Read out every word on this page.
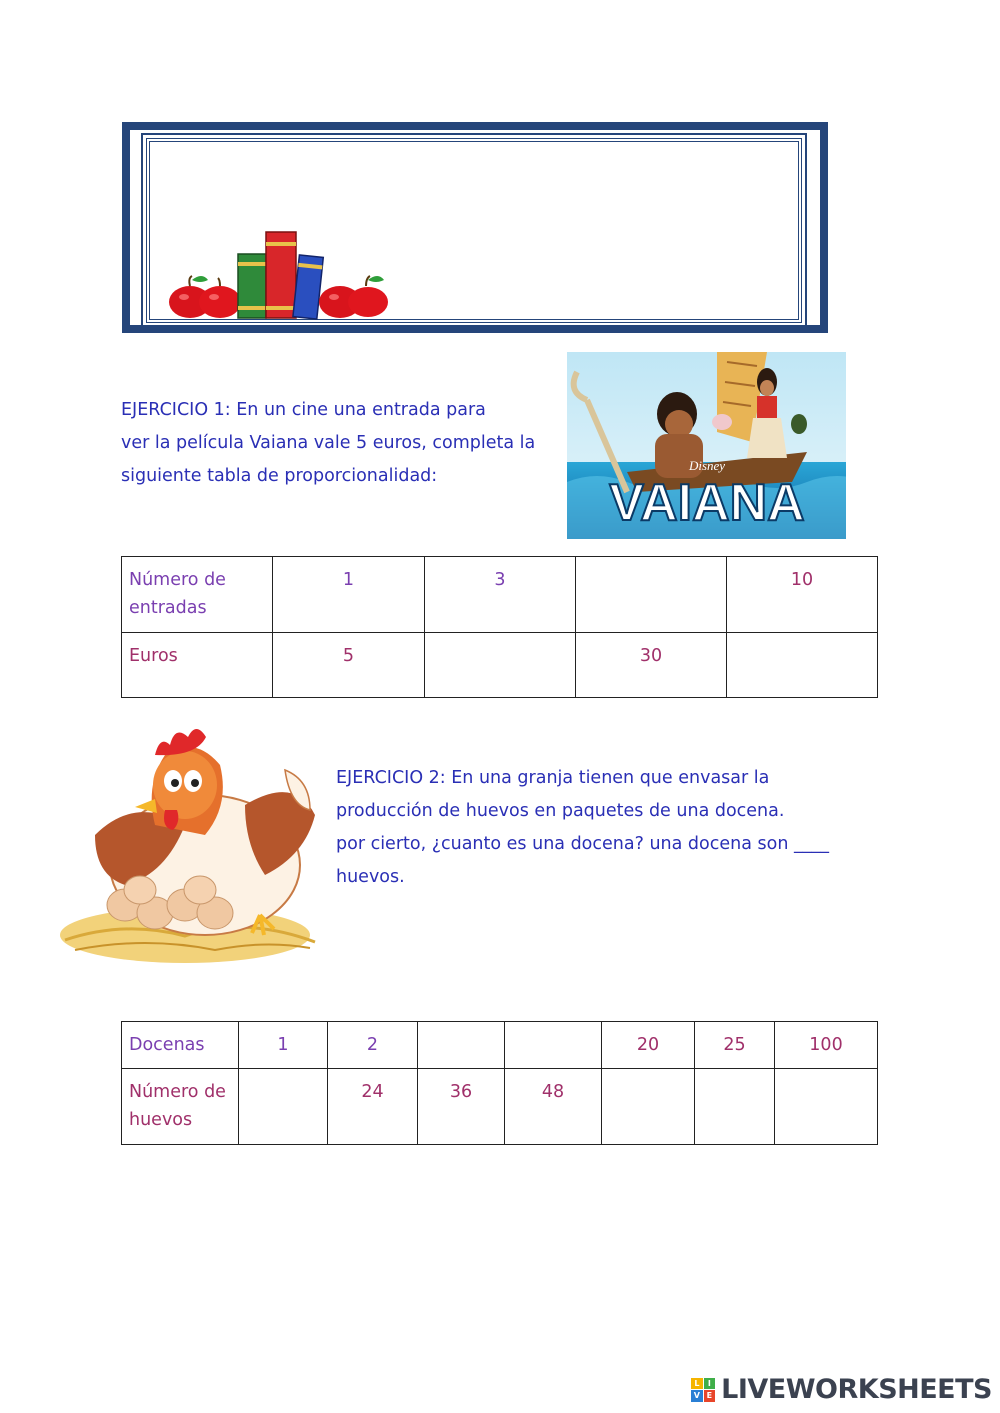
EJERCICIO 1: En un cine una entrada para
ver la película Vaiana vale 5 euros, completa la
siguiente tabla de proporcionalidad:

Disney
VAIANA
Número de entradas	1	3		10
Euros	5		30	

EJERCICIO 2: En una granja tienen que envasar la
producción de huevos en paquetes de una docena.
por cierto, ¿cuanto es una docena? una docena son ____
huevos.

Docenas	1	2			20	25	100
Número de huevos		24	36	48			
L	I
V E LIVEWORKSHEETS
